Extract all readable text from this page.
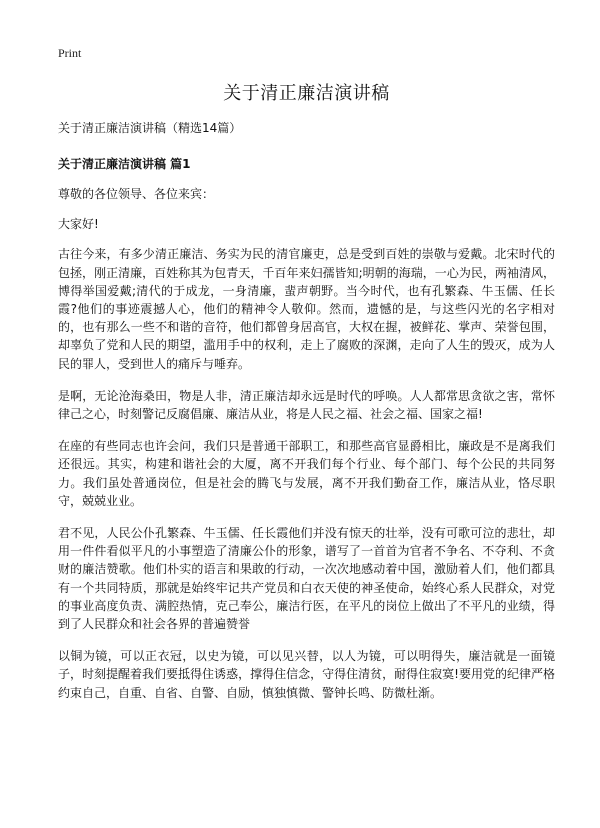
Print
关于清正廉洁演讲稿

关于清正廉洁演讲稿（精选14篇）

关于清正廉洁演讲稿 篇1

尊敬的各位领导、各位来宾：

大家好!

古往今来，有多少清正廉洁、务实为民的清官廉吏，总是受到百姓的崇敬与爱戴。北宋时代的包拯，刚正清廉，百姓称其为包青天，千百年来妇孺皆知;明朝的海瑞，一心为民，两袖清风，博得举国爱戴;清代的于成龙，一身清廉，蜚声朝野。当今时代，也有孔繁森、牛玉儒、任长霞?他们的事迹震撼人心，他们的精神令人敬仰。然而，遗憾的是，与这些闪光的名字相对的，也有那么一些不和谐的音符，他们都曾身居高官，大权在握，被鲜花、掌声、荣誉包围，却辜负了党和人民的期望，滥用手中的权利，走上了腐败的深渊，走向了人生的毁灭，成为人民的罪人，受到世人的痛斥与唾弃。

是啊，无论沧海桑田，物是人非，清正廉洁却永远是时代的呼唤。人人都常思贪欲之害，常怀律己之心，时刻警记反腐倡廉、廉洁从业，将是人民之福、社会之福、国家之福!

在座的有些同志也许会问，我们只是普通干部职工，和那些高官显爵相比，廉政是不是离我们还很远。其实，构建和谐社会的大厦，离不开我们每个行业、每个部门、每个公民的共同努力。我们虽处普通岗位，但是社会的腾飞与发展，离不开我们勤奋工作，廉洁从业，恪尽职守，兢兢业业。

君不见，人民公仆孔繁森、牛玉儒、任长霞他们并没有惊天的壮举，没有可歌可泣的悲壮，却用一件件看似平凡的小事塑造了清廉公仆的形象，谱写了一首首为官者不争名、不夺利、不贪财的廉洁赞歌。他们朴实的语言和果敢的行动，一次次地感动着中国，激励着人们，他们都具有一个共同特质，那就是始终牢记共产党员和白衣天使的神圣使命，始终心系人民群众，对党的事业高度负责、满腔热情，克己奉公，廉洁行医，在平凡的岗位上做出了不平凡的业绩，得到了人民群众和社会各界的普遍赞誉

以铜为镜，可以正衣冠，以史为镜，可以见兴替，以人为镜，可以明得失，廉洁就是一面镜子，时刻提醒着我们要抵得住诱惑，撑得住信念，守得住清贫，耐得住寂寞!要用党的纪律严格约束自己，自重、自省、自警、自励，慎独慎微、警钟长鸣、防微杜渐。
